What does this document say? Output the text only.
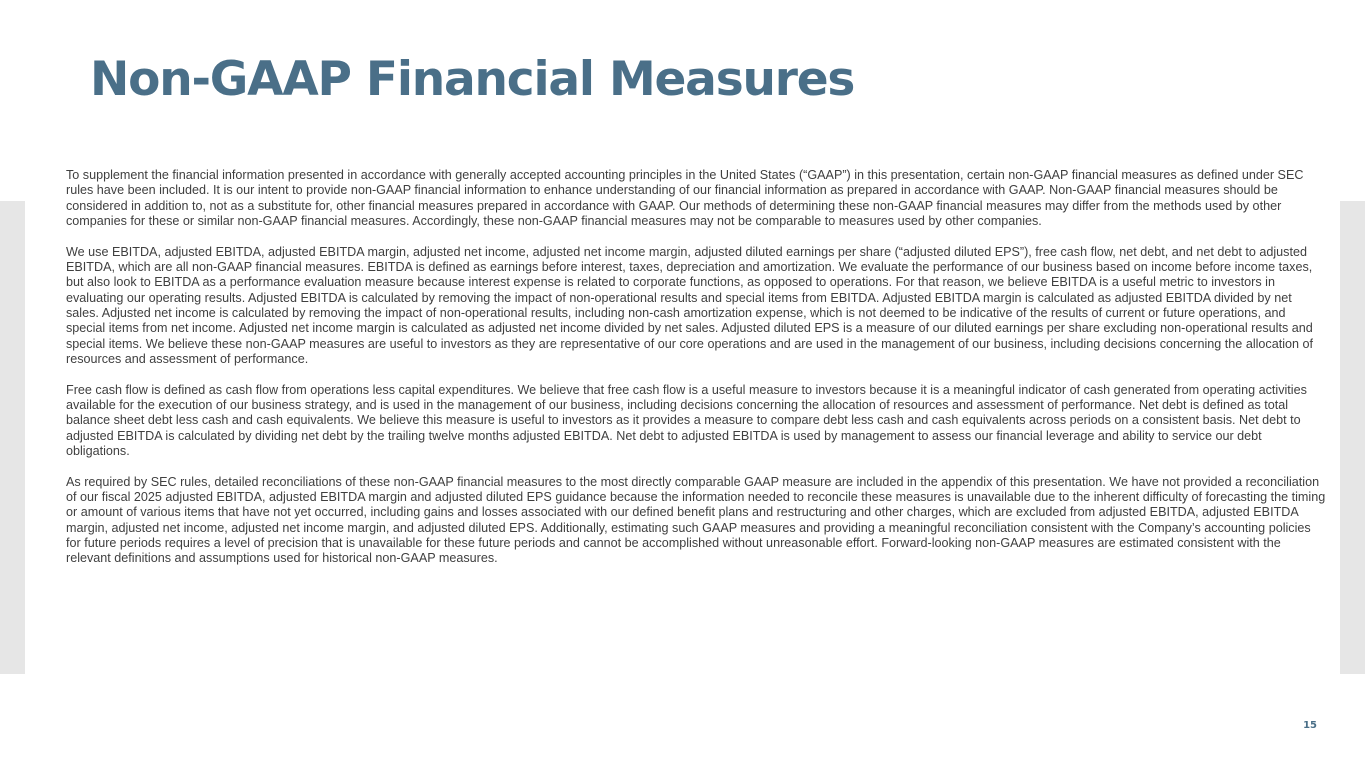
Non-GAAP Financial Measures

To supplement the financial information presented in accordance with generally accepted accounting principles in the United States (“GAAP”) in this presentation, certain non-GAAP financial measures as defined under SEC rules have been included. It is our intent to provide non-GAAP financial information to enhance understanding of our financial information as prepared in accordance with GAAP. Non-GAAP financial measures should be considered in addition to, not as a substitute for, other financial measures prepared in accordance with GAAP. Our methods of determining these non-GAAP financial measures may differ from the methods used by other companies for these or similar non-GAAP financial measures. Accordingly, these non-GAAP financial measures may not be comparable to measures used by other companies.

We use EBITDA, adjusted EBITDA, adjusted EBITDA margin, adjusted net income, adjusted net income margin, adjusted diluted earnings per share (“adjusted diluted EPS”), free cash flow, net debt, and net debt to adjusted EBITDA, which are all non-GAAP financial measures. EBITDA is defined as earnings before interest, taxes, depreciation and amortization. We evaluate the performance of our business based on income before income taxes, but also look to EBITDA as a performance evaluation measure because interest expense is related to corporate functions, as opposed to operations. For that reason, we believe EBITDA is a useful metric to investors in evaluating our operating results. Adjusted EBITDA is calculated by removing the impact of non-operational results and special items from EBITDA. Adjusted EBITDA margin is calculated as adjusted EBITDA divided by net sales. Adjusted net income is calculated by removing the impact of non-operational results, including non-cash amortization expense, which is not deemed to be indicative of the results of current or future operations, and special items from net income. Adjusted net income margin is calculated as adjusted net income divided by net sales. Adjusted diluted EPS is a measure of our diluted earnings per share excluding non-operational results and special items. We believe these non-GAAP measures are useful to investors as they are representative of our core operations and are used in the management of our business, including decisions concerning the allocation of resources and assessment of performance.

Free cash flow is defined as cash flow from operations less capital expenditures. We believe that free cash flow is a useful measure to investors because it is a meaningful indicator of cash generated from operating activities available for the execution of our business strategy, and is used in the management of our business, including decisions concerning the allocation of resources and assessment of performance. Net debt is defined as total balance sheet debt less cash and cash equivalents. We believe this measure is useful to investors as it provides a measure to compare debt less cash and cash equivalents across periods on a consistent basis. Net debt to adjusted EBITDA is calculated by dividing net debt by the trailing twelve months adjusted EBITDA. Net debt to adjusted EBITDA is used by management to assess our financial leverage and ability to service our debt obligations.

As required by SEC rules, detailed reconciliations of these non-GAAP financial measures to the most directly comparable GAAP measure are included in the appendix of this presentation. We have not provided a reconciliation of our fiscal 2025 adjusted EBITDA, adjusted EBITDA margin and adjusted diluted EPS guidance because the information needed to reconcile these measures is unavailable due to the inherent difficulty of forecasting the timing or amount of various items that have not yet occurred, including gains and losses associated with our defined benefit plans and restructuring and other charges, which are excluded from adjusted EBITDA, adjusted EBITDA margin, adjusted net income, adjusted net income margin, and adjusted diluted EPS. Additionally, estimating such GAAP measures and providing a meaningful reconciliation consistent with the Company’s accounting policies for future periods requires a level of precision that is unavailable for these future periods and cannot be accomplished without unreasonable effort. Forward-looking non-GAAP measures are estimated consistent with the relevant definitions and assumptions used for historical non-GAAP measures.

15
